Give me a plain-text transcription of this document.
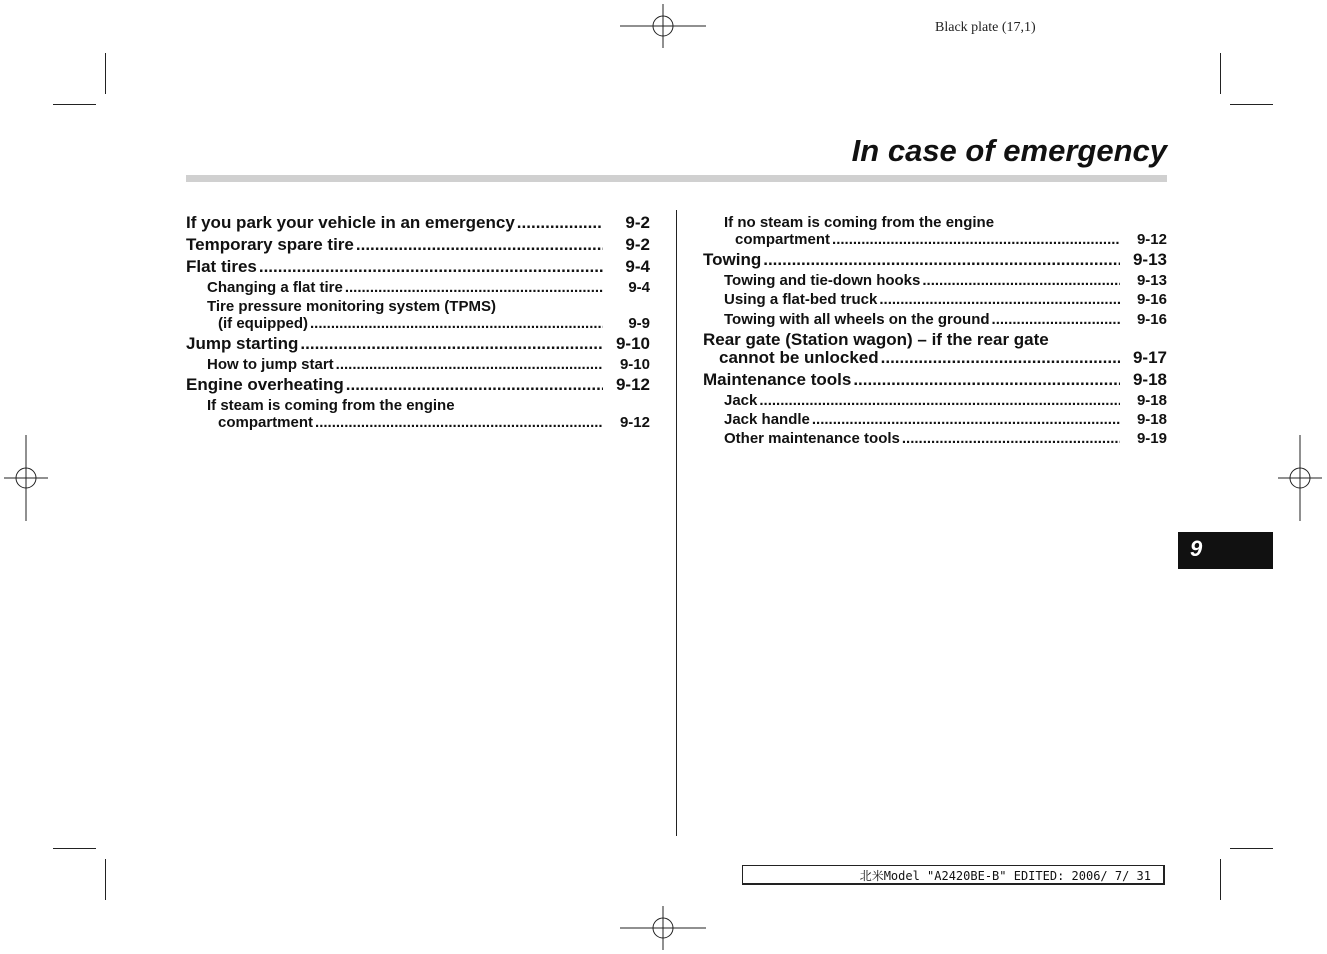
Black plate (17,1)
In case of emergency
If you park your vehicle in an emergency .....	9-2
Temporary spare tire .....	9-2
Flat tires .....	9-4
Changing a flat tire .....	9-4
Tire pressure monitoring system (TPMS)
(if equipped) .....	9-9
Jump starting .....	9-10
How to jump start .....	9-10
Engine overheating .....	9-12
If steam is coming from the engine
compartment .....	9-12
If no steam is coming from the engine
compartment .....	9-12
Towing .....	9-13
Towing and tie-down hooks .....	9-13
Using a flat-bed truck .....	9-16
Towing with all wheels on the ground .....	9-16
Rear gate (Station wagon) – if the rear gate
cannot be unlocked .....	9-17
Maintenance tools .....	9-18
Jack .....	9-18
Jack handle .....	9-18
Other maintenance tools .....	9-19
9
北米Model "A2420BE-B" EDITED: 2006/ 7/ 31
